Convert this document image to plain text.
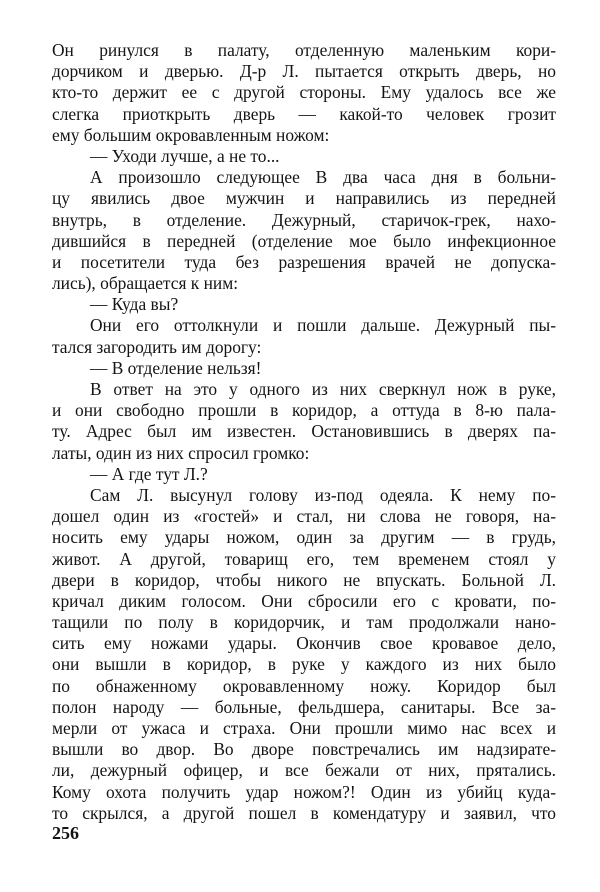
Он ринулся в палату, отделенную маленьким кори-
дорчиком и дверью. Д-р Л. пытается открыть дверь, но
кто-то держит ее с другой стороны. Ему удалось все же
слегка приоткрыть дверь — какой-то человек грозит
ему большим окровавленным ножом:
— Уходи лучше, а не то...
А произошло следующее В два часа дня в больни-
цу явились двое мужчин и направились из передней
внутрь, в отделение. Дежурный, старичок-грек, нахо-
дившийся в передней (отделение мое было инфекционное
и посетители туда без разрешения врачей не допуска-
лись), обращается к ним:
— Куда вы?
Они его оттолкнули и пошли дальше. Дежурный пы-
тался загородить им дорогу:
— В отделение нельзя!
В ответ на это у одного из них сверкнул нож в руке,
и они свободно прошли в коридор, а оттуда в 8-ю пала-
ту. Адрес был им известен. Остановившись в дверях па-
латы, один из них спросил громко:
— А где тут Л.?
Сам Л. высунул голову из-под одеяла. К нему по-
дошел один из «гостей» и стал, ни слова не говоря, на-
носить ему удары ножом, один за другим — в грудь,
живот. А другой, товарищ его, тем временем стоял у
двери в коридор, чтобы никого не впускать. Больной Л.
кричал диким голосом. Они сбросили его с кровати, по-
тащили по полу в коридорчик, и там продолжали нано-
сить ему ножами удары. Окончив свое кровавое дело,
они вышли в коридор, в руке у каждого из них было
по обнаженному окровавленному ножу. Коридор был
полон народу — больные, фельдшера, санитары. Все за-
мерли от ужаса и страха. Они прошли мимо нас всех и
вышли во двор. Во дворе повстречались им надзирате-
ли, дежурный офицер, и все бежали от них, прятались.
Кому охота получить удар ножом?! Один из убийц куда-
то скрылся, а другой пошел в комендатуру и заявил, что
256
